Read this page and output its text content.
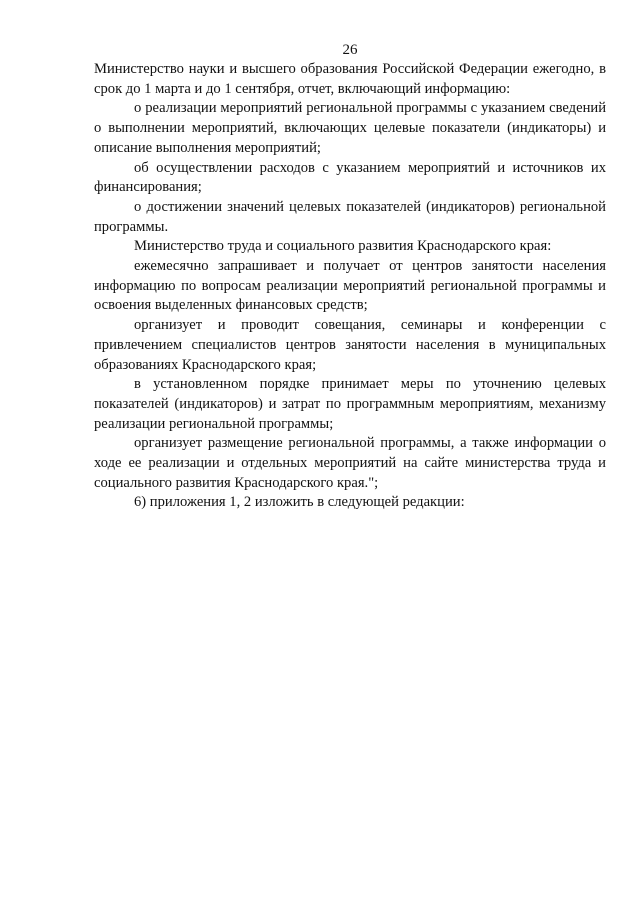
26

Министерство науки и высшего образования Российской Федерации ежегодно, в срок до 1 марта и до 1 сентября, отчет, включающий информацию:

о реализации мероприятий региональной программы с указанием сведений о выполнении мероприятий, включающих целевые показатели (индикаторы) и описание выполнения мероприятий;

об осуществлении расходов с указанием мероприятий и источников их финансирования;

о достижении значений целевых показателей (индикаторов) региональной программы.

Министерство труда и социального развития Краснодарского края:

ежемесячно запрашивает и получает от центров занятости населения информацию по вопросам реализации мероприятий региональной программы и освоения выделенных финансовых средств;

организует и проводит совещания, семинары и конференции с привлечением специалистов центров занятости населения в муниципальных образованиях Краснодарского края;

в установленном порядке принимает меры по уточнению целевых показателей (индикаторов) и затрат по программным мероприятиям, механизму реализации региональной программы;

организует размещение региональной программы, а также информации о ходе ее реализации и отдельных мероприятий на сайте министерства труда и социального развития Краснодарского края.";

6) приложения 1, 2 изложить в следующей редакции:
